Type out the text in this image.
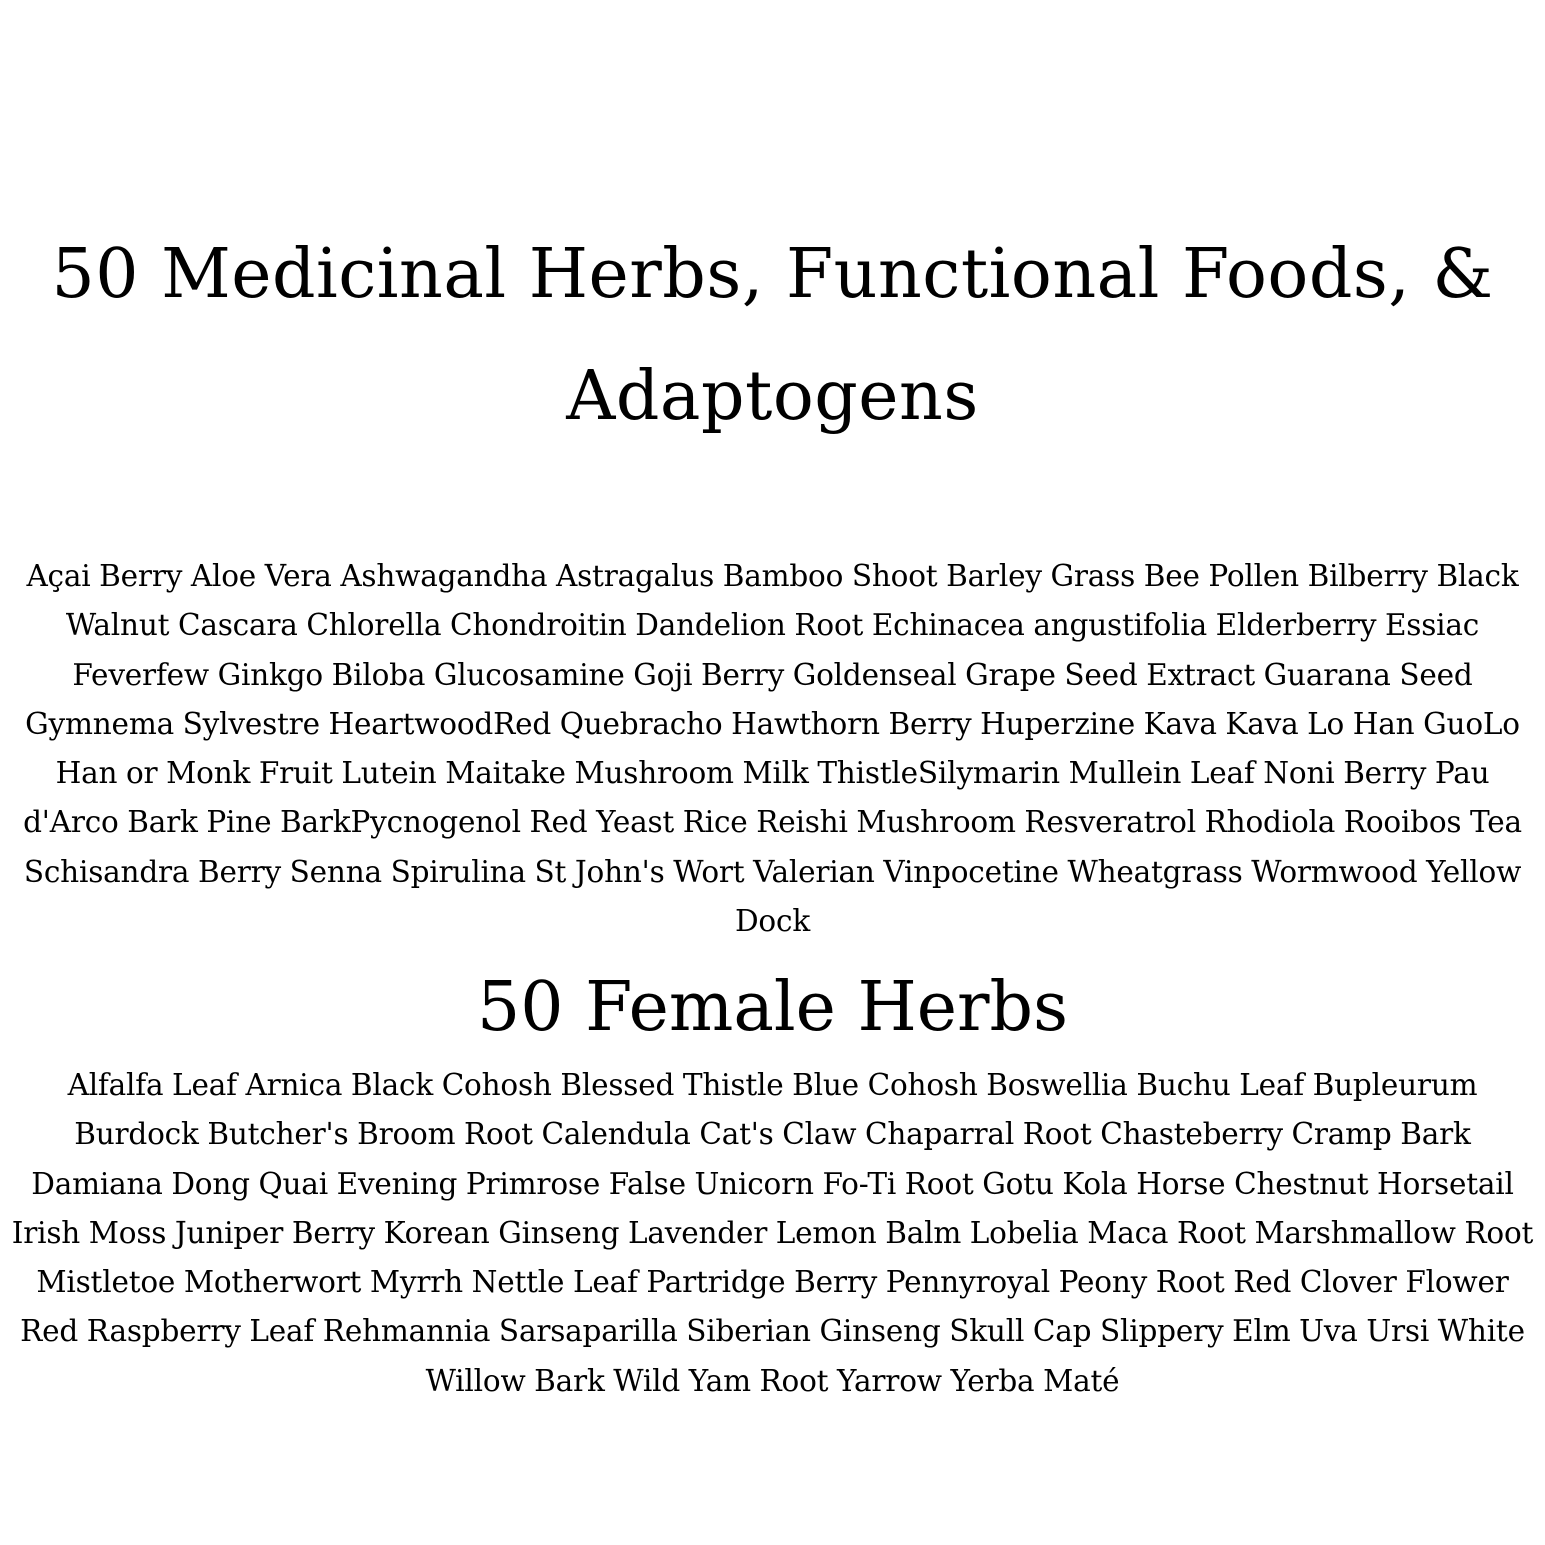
50 Medicinal Herbs, Functional Foods, & Adaptogens

Açai Berry Aloe Vera Ashwagandha Astragalus Bamboo Shoot Barley Grass Bee Pollen Bilberry Black Walnut Cascara Chlorella Chondroitin Dandelion Root Echinacea angustifolia Elderberry Essiac Feverfew Ginkgo Biloba Glucosamine Goji Berry Goldenseal Grape Seed Extract Guarana Seed Gymnema Sylvestre HeartwoodRed Quebracho Hawthorn Berry Huperzine Kava Kava Lo Han GuoLo Han or Monk Fruit Lutein Maitake Mushroom Milk ThistleSilymarin Mullein Leaf Noni Berry Pau d'Arco Bark Pine BarkPycnogenol Red Yeast Rice Reishi Mushroom Resveratrol Rhodiola Rooibos Tea Schisandra Berry Senna Spirulina St John's Wort Valerian Vinpocetine Wheatgrass Wormwood Yellow Dock

50 Female Herbs

Alfalfa Leaf Arnica Black Cohosh Blessed Thistle Blue Cohosh Boswellia Buchu Leaf Bupleurum Burdock Butcher's Broom Root Calendula Cat's Claw Chaparral Root Chasteberry Cramp Bark Damiana Dong Quai Evening Primrose False Unicorn Fo-Ti Root Gotu Kola Horse Chestnut Horsetail Irish Moss Juniper Berry Korean Ginseng Lavender Lemon Balm Lobelia Maca Root Marshmallow Root Mistletoe Motherwort Myrrh Nettle Leaf Partridge Berry Pennyroyal Peony Root Red Clover Flower Red Raspberry Leaf Rehmannia Sarsaparilla Siberian Ginseng Skull Cap Slippery Elm Uva Ursi White Willow Bark Wild Yam Root Yarrow Yerba Maté
